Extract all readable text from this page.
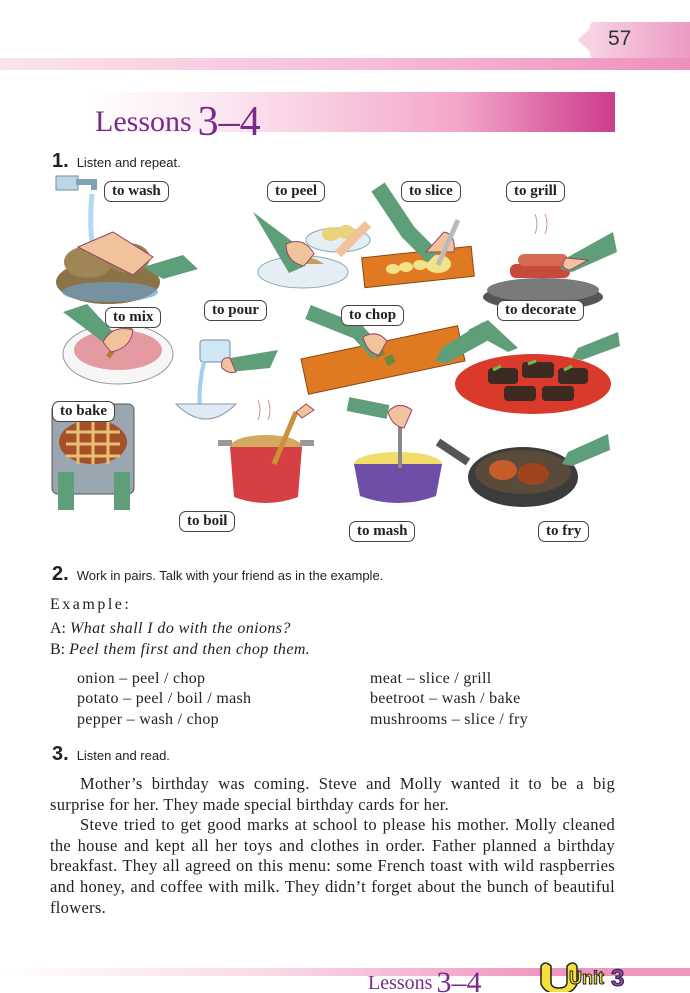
57
Lessons 3–4
1. Listen and repeat.
to wash	to peel	to slice	to grill
to mix	to pour	to chop	to decorate
to bake
to boil
to mash	to fry
2. Work in pairs. Talk with your friend as in the example.
Example:
A: What shall I do with the onions?
B: Peel them first and then chop them.
onion – peel / chop
potato – peel / boil / mash
pepper – wash / chop
meat – slice / grill
beetroot – wash / bake
mushrooms – slice / fry
3. Listen and read.

Mother’s birthday was coming. Steve and Molly wanted it to be a big surprise for her. They made special birthday cards for her.

Steve tried to get good marks at school to please his mother. Molly cleaned the house and kept all her toys and clothes in order. Father planned a birthday breakfast. They all agreed on this menu: some French toast with wild raspberries and honey, and coffee with milk. They didn’t forget about the bunch of beautiful flowers.

Lessons 3–4	Unit 3
